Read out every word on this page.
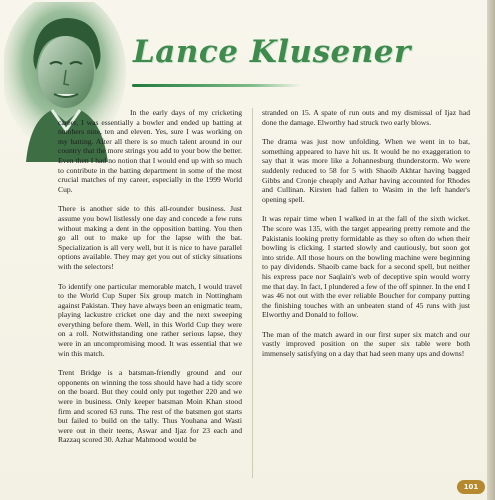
Lance Klusener

In the early days of my cricketing career, I was essentially a bowler and ended up batting at numbers nine, ten and eleven. Yes, sure I was working on my batting. After all there is so much talent around in our country that the more strings you add to your bow the better. Even then I had no notion that I would end up with so much to contribute in the batting department in some of the most crucial matches of my career, especially in the 1999 World Cup.

There is another side to this all-rounder business. Just assume you bowl listlessly one day and concede a few runs without making a dent in the opposition batting. You then go all out to make up for the lapse with the bat. Specialization is all very well, but it is nice to have parallel options available. They may get you out of sticky situations with the selectors!

To identify one particular memorable match, I would travel to the World Cup Super Six group match in Nottingham against Pakistan. They have always been an enigmatic team, playing lackustre cricket one day and the next sweeping everything before them. Well, in this World Cup they were on a roll. Notwithstanding one rather serious lapse, they were in an uncompromising mood. It was essential that we win this match.

Trent Bridge is a batsman-friendly ground and our opponents on winning the toss should have had a tidy score on the board. But they could only put together 220 and we were in business. Only keeper batsman Moin Khan stood firm and scored 63 runs. The rest of the batsmen got starts but failed to build on the tally. Thus Youhana and Wasti were out in their teens, Aswar and Ijaz for 23 each and Razzaq scored 30. Azhar Mahmood would be

stranded on 15. A spate of run outs and my dismissal of Ijaz had done the damage. Elworthy had struck two early blows.

The drama was just now unfolding. When we went in to bat, something appeared to have hit us. It would be no exaggeration to say that it was more like a Johannesburg thunderstorm. We were suddenly reduced to 58 for 5 with Shaoib Akhtar having bagged Gibbs and Cronje cheaply and Azhar having accounted for Rhodes and Cullinan. Kirsten had fallen to Wasim in the left hander's opening spell.

It was repair time when I walked in at the fall of the sixth wicket. The score was 135, with the target appearing pretty remote and the Pakistanis looking pretty formidable as they so often do when their bowling is clicking. I started slowly and cautiously, but soon got into stride. All those hours on the bowling machine were beginning to pay dividends. Shaoib came back for a second spell, but neither his express pace nor Saqlain's web of deceptive spin would worry me that day. In fact, I plundered a few of the off spinner. In the end I was 46 not out with the ever reliable Boucher for company putting the finishing touches with an unbeaten stand of 45 runs with just Elworthy and Donald to follow.

The man of the match award in our first super six match and our vastly improved position on the super six table were both immensely satisfying on a day that had seen many ups and downs!

101
